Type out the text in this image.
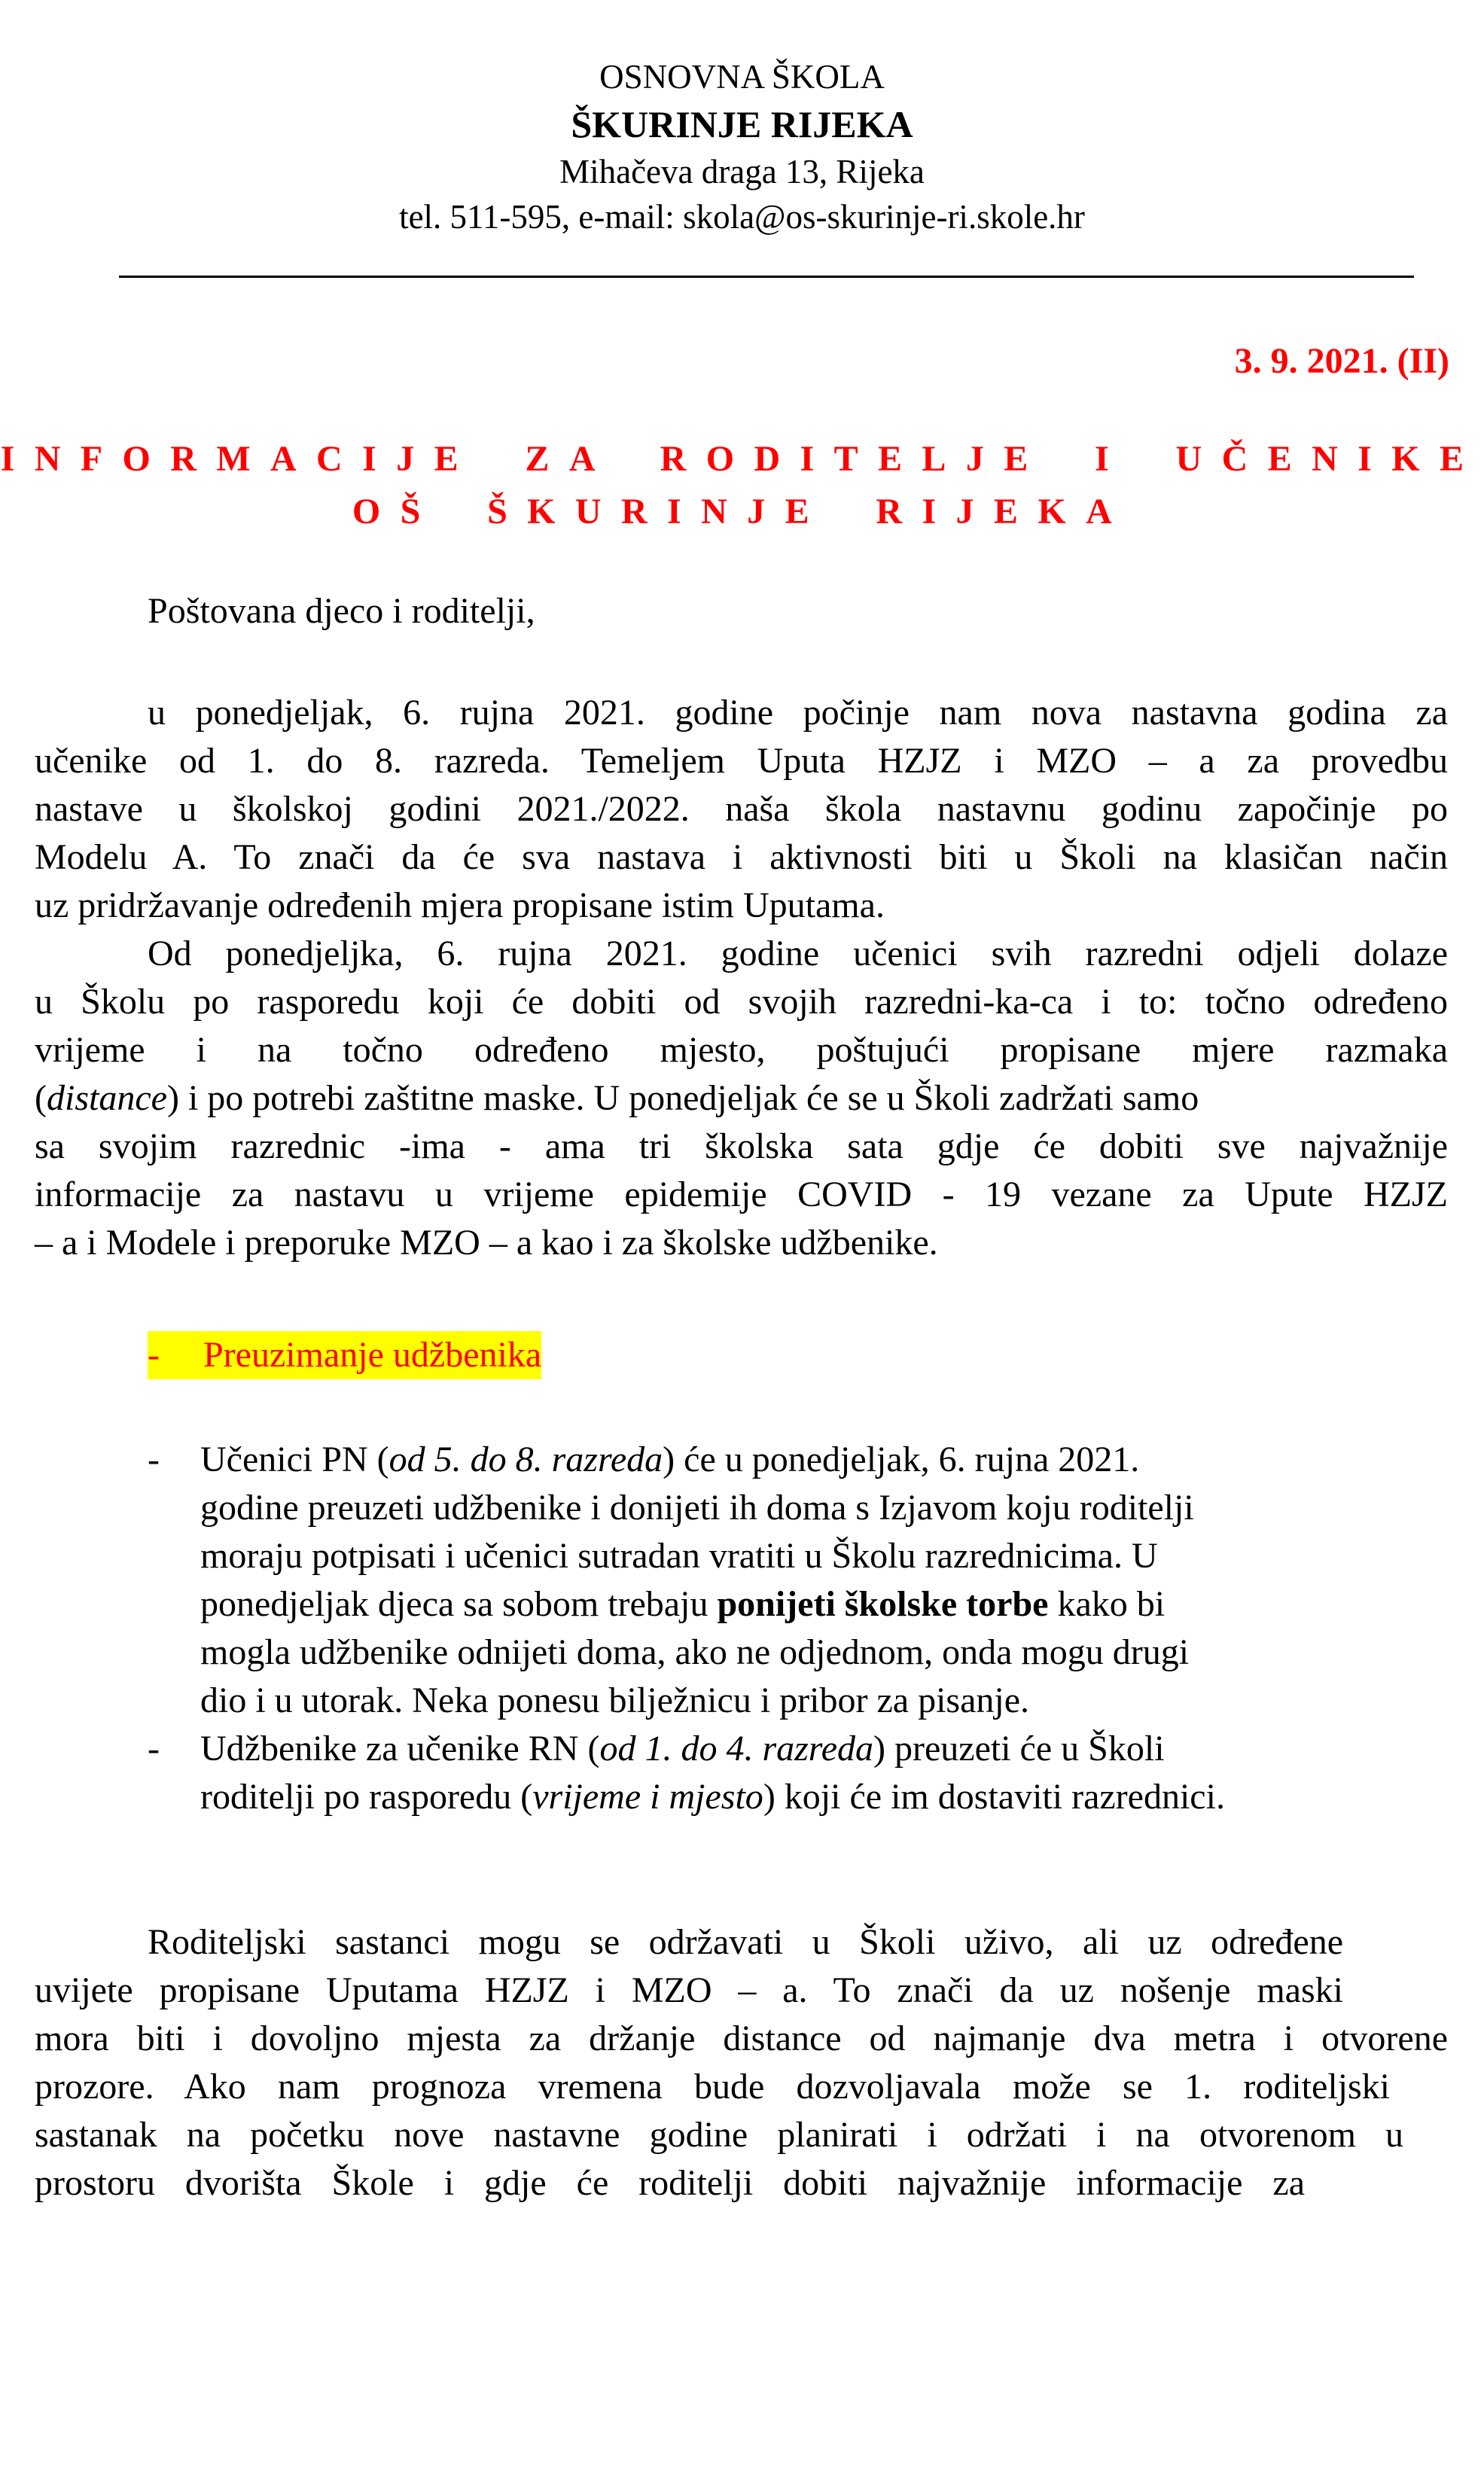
OSNOVNA ŠKOLA
ŠKURINJE RIJEKA
Mihačeva draga 13, Rijeka
tel. 511-595, e-mail: skola@os-skurinje-ri.skole.hr
3. 9. 2021. (II)
INFORMACIJE ZA RODITELJE I UČENIKE
OŠ ŠKURINJE RIJEKA
Poštovana djeco i roditelji,
u ponedjeljak, 6. rujna 2021. godine počinje nam nova nastavna godina za
učenike od 1. do 8. razreda. Temeljem Uputa HZJZ i MZO – a za provedbu
nastave u školskoj godini 2021./2022. naša škola nastavnu godinu započinje po
Modelu A. To znači da će sva nastava i aktivnosti biti u Školi na klasičan način
uz pridržavanje određenih mjera propisane istim Uputama.
Od ponedjeljka, 6. rujna 2021. godine učenici svih razredni odjeli dolaze
u Školu po rasporedu koji će dobiti od svojih razredni-ka-ca i to: točno određeno
vrijeme i na točno određeno mjesto, poštujući propisane mjere razmaka
(distance) i po potrebi zaštitne maske. U ponedjeljak će se u Školi zadržati samo
sa svojim razrednic -ima - ama tri školska sata gdje će dobiti sve najvažnije
informacije za nastavu u vrijeme epidemije COVID - 19 vezane za Upute HZJZ
– a i Modele i preporuke MZO – a kao i za školske udžbenike.
- Preuzimanje udžbenika
- Učenici PN (od 5. do 8. razreda) će u ponedjeljak, 6. rujna 2021.
godine preuzeti udžbenike i donijeti ih doma s Izjavom koju roditelji
moraju potpisati i učenici sutradan vratiti u Školu razrednicima. U
ponedjeljak djeca sa sobom trebaju ponijeti školske torbe kako bi
mogla udžbenike odnijeti doma, ako ne odjednom, onda mogu drugi
dio i u utorak. Neka ponesu bilježnicu i pribor za pisanje.
- Udžbenike za učenike RN (od 1. do 4. razreda) preuzeti će u Školi
roditelji po rasporedu (vrijeme i mjesto) koji će im dostaviti razrednici.
Roditeljski sastanci mogu se održavati u Školi uživo, ali uz određene
uvijete propisane Uputama HZJZ i MZO – a. To znači da uz nošenje maski
mora biti i dovoljno mjesta za držanje distance od najmanje dva metra i otvorene
prozore. Ako nam prognoza vremena bude dozvoljavala može se 1. roditeljski
sastanak na početku nove nastavne godine planirati i održati i na otvorenom u
prostoru dvorišta Škole i gdje će roditelji dobiti najvažnije informacije za
